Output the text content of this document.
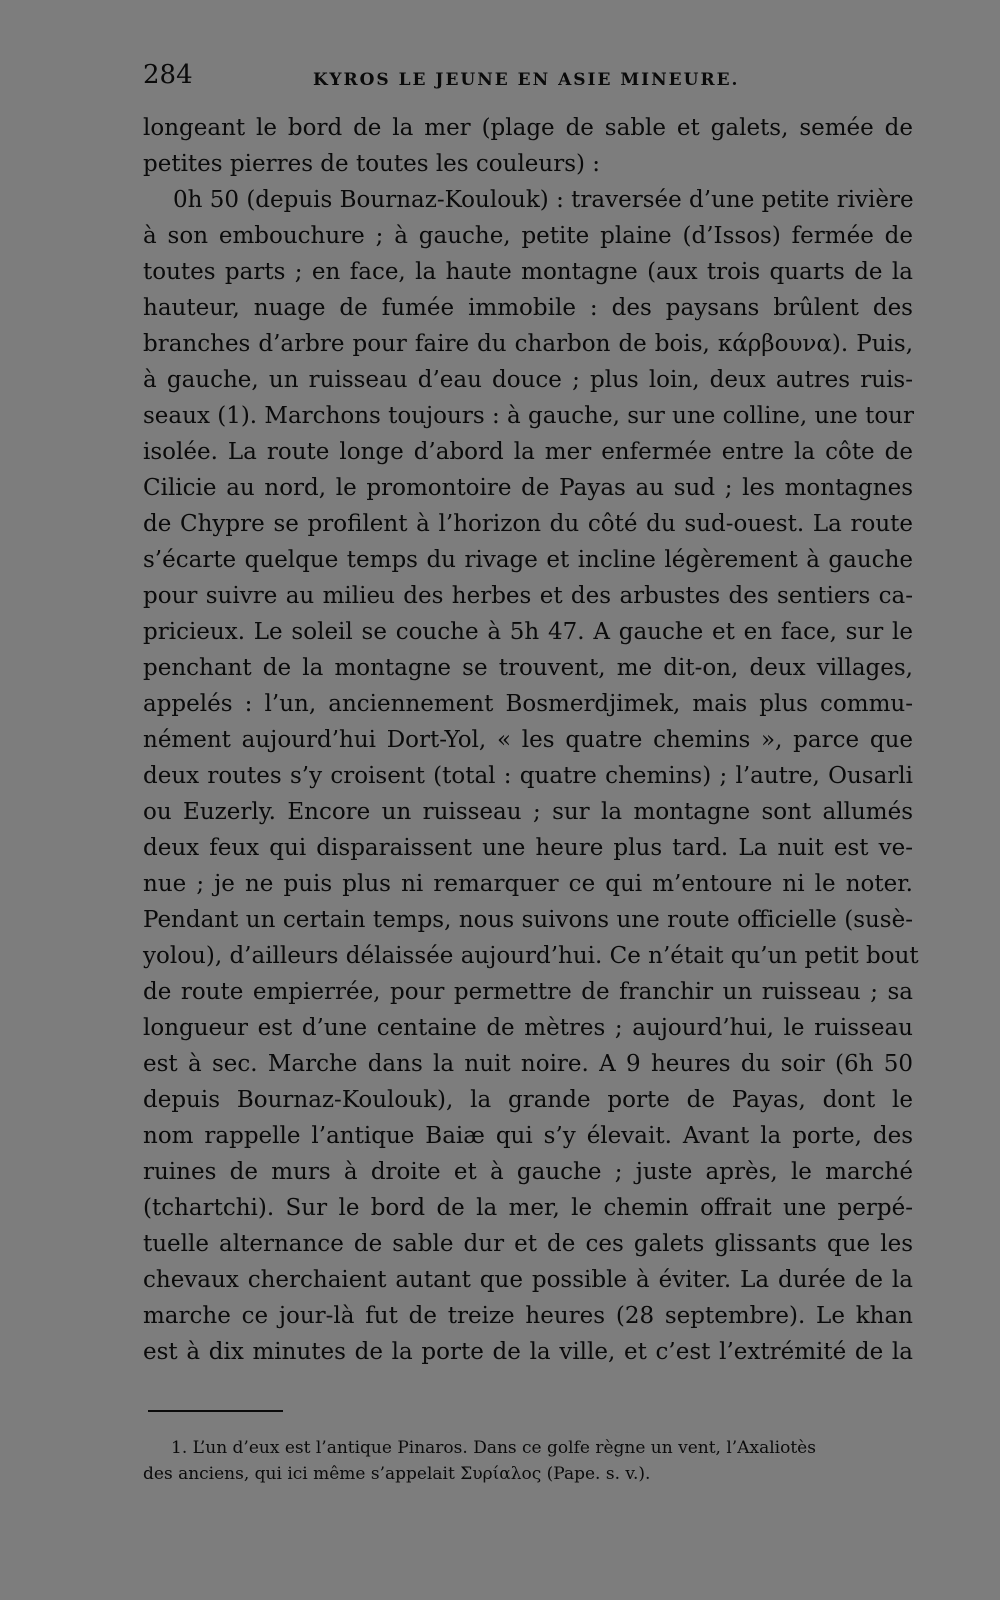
284	KYROS LE JEUNE EN ASIE MINEURE.
longeant le bord de la mer (plage de sable et galets, semée de
petites pierres de toutes les couleurs) :
0h 50 (depuis Bournaz-Koulouk) : traversée d’une petite rivière
à son embouchure ; à gauche, petite plaine (d’Issos) fermée de
toutes parts ; en face, la haute montagne (aux trois quarts de la
hauteur, nuage de fumée immobile : des paysans brûlent des
branches d’arbre pour faire du charbon de bois, κάρβουνα). Puis,
à gauche, un ruisseau d’eau douce ; plus loin, deux autres ruis-
seaux (1). Marchons toujours : à gauche, sur une colline, une tour
isolée. La route longe d’abord la mer enfermée entre la côte de
Cilicie au nord, le promontoire de Payas au sud ; les montagnes
de Chypre se profilent à l’horizon du côté du sud-ouest. La route
s’écarte quelque temps du rivage et incline légèrement à gauche
pour suivre au milieu des herbes et des arbustes des sentiers ca-
pricieux. Le soleil se couche à 5h 47. A gauche et en face, sur le
penchant de la montagne se trouvent, me dit-on, deux villages,
appelés : l’un, anciennement Bosmerdjimek, mais plus commu-
nément aujourd’hui Dort-Yol, « les quatre chemins », parce que
deux routes s’y croisent (total : quatre chemins) ; l’autre, Ousarli
ou Euzerly. Encore un ruisseau ; sur la montagne sont allumés
deux feux qui disparaissent une heure plus tard. La nuit est ve-
nue ; je ne puis plus ni remarquer ce qui m’entoure ni le noter.
Pendant un certain temps, nous suivons une route officielle (susè-
yolou), d’ailleurs délaissée aujourd’hui. Ce n’était qu’un petit bout
de route empierrée, pour permettre de franchir un ruisseau ; sa
longueur est d’une centaine de mètres ; aujourd’hui, le ruisseau
est à sec. Marche dans la nuit noire. A 9 heures du soir (6h 50
depuis Bournaz-Koulouk), la grande porte de Payas, dont le
nom rappelle l’antique Baiæ qui s’y élevait. Avant la porte, des
ruines de murs à droite et à gauche ; juste après, le marché
(tchartchi). Sur le bord de la mer, le chemin offrait une perpé-
tuelle alternance de sable dur et de ces galets glissants que les
chevaux cherchaient autant que possible à éviter. La durée de la
marche ce jour-là fut de treize heures (28 septembre). Le khan
est à dix minutes de la porte de la ville, et c’est l’extrémité de la
1. L’un d’eux est l’antique Pinaros. Dans ce golfe règne un vent, l’Axaliotès
des anciens, qui ici même s’appelait Συρίαλος (Pape. s. v.).
